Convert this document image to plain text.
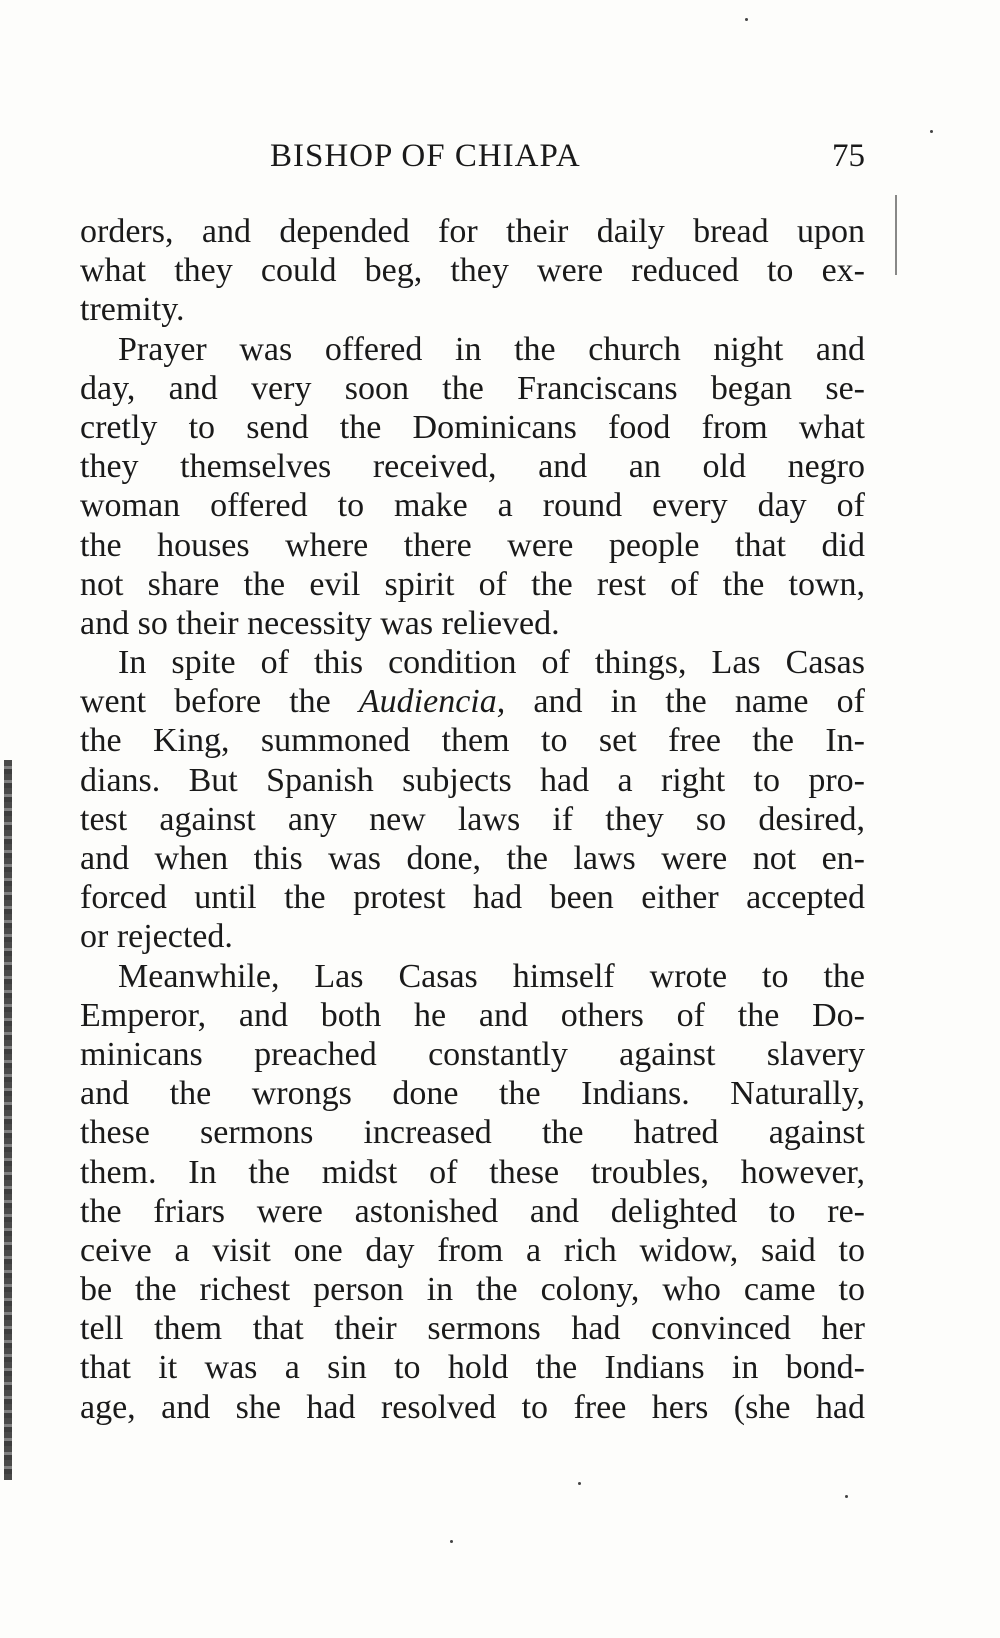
BISHOP OF CHIAPA	75
orders, and depended for their daily bread upon
what they could beg, they were reduced to ex-
tremity.
Prayer was offered in the church night and
day, and very soon the Franciscans began se-
cretly to send the Dominicans food from what
they themselves received, and an old negro
woman offered to make a round every day of
the houses where there were people that did
not share the evil spirit of the rest of the town,
and so their necessity was relieved.
In spite of this condition of things, Las Casas
went before the Audiencia, and in the name of
the King, summoned them to set free the In-
dians. But Spanish subjects had a right to pro-
test against any new laws if they so desired,
and when this was done, the laws were not en-
forced until the protest had been either accepted
or rejected.
Meanwhile, Las Casas himself wrote to the
Emperor, and both he and others of the Do-
minicans preached constantly against slavery
and the wrongs done the Indians. Naturally,
these sermons increased the hatred against
them. In the midst of these troubles, however,
the friars were astonished and delighted to re-
ceive a visit one day from a rich widow, said to
be the richest person in the colony, who came to
tell them that their sermons had convinced her
that it was a sin to hold the Indians in bond-
age, and she had resolved to free hers (she had
